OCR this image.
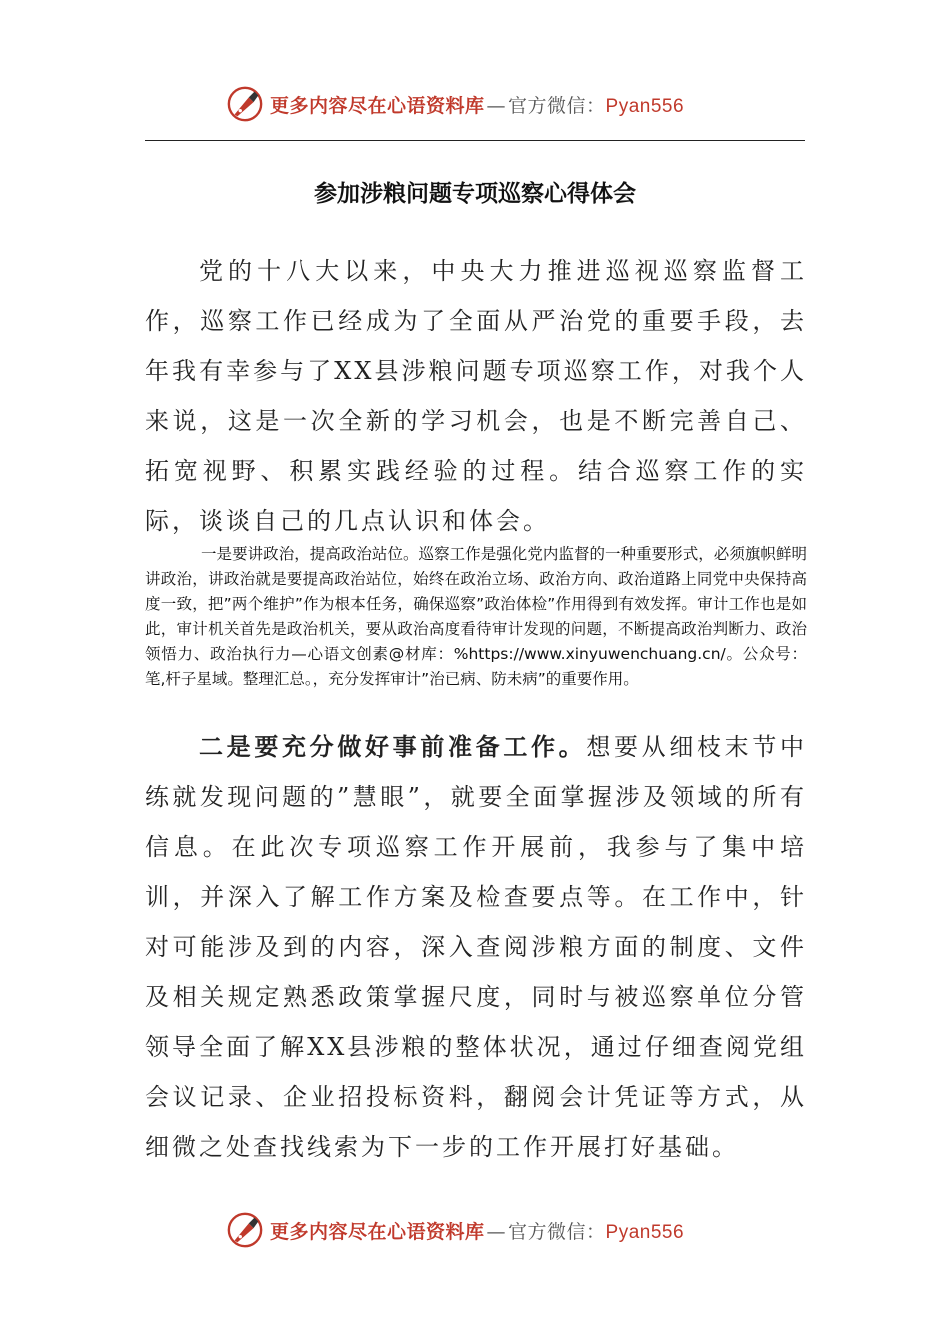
更多内容尽在心语资料库 — 官方微信：Pyan556
参加涉粮问题专项巡察心得体会
党的十八大以来，中央大力推进巡视巡察监督工作，巡察工作已经成为了全面从严治党的重要手段，去年我有幸参与了XX县涉粮问题专项巡察工作，对我个人来说，这是一次全新的学习机会，也是不断完善自己、拓宽视野、积累实践经验的过程。结合巡察工作的实际，谈谈自己的几点认识和体会。
一是要讲政治，提高政治站位。巡察工作是强化党内监督的一种重要形式，必须旗帜鲜明讲政治，讲政治就是要提高政治站位，始终在政治立场、政治方向、政治道路上同党中央保持高度一致，把”两个维护”作为根本任务，确保巡察”政治体检”作用得到有效发挥。审计工作也是如此，审计机关首先是政治机关，要从政治高度看待审计发现的问题，不断提高政治判断力、政治领悟力、政治执行力—心语文创素@材库：%https://www.xinyuwenchuang.cn/。公众号：笔,杆子星域。整理汇总。，充分发挥审计”治已病、防未病”的重要作用。
二是要充分做好事前准备工作。想要从细枝末节中练就发现问题的”慧眼”，就要全面掌握涉及领域的所有信息。在此次专项巡察工作开展前，我参与了集中培训，并深入了解工作方案及检查要点等。在工作中，针对可能涉及到的内容，深入查阅涉粮方面的制度、文件及相关规定熟悉政策掌握尺度，同时与被巡察单位分管领导全面了解XX县涉粮的整体状况，通过仔细查阅党组会议记录、企业招投标资料，翻阅会计凭证等方式，从细微之处查找线索为下一步的工作开展打好基础。
更多内容尽在心语资料库 — 官方微信：Pyan556
